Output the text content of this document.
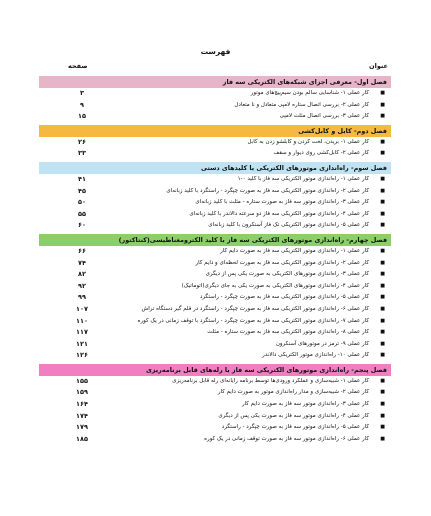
فهرست
عنوان
صفحه
فصل اول- معرفی اجزای شبکه‌های الکتریکی سه فاز
■
کار عملی ۱- شناسایی سالم بودن سیم‌پیچ‌های موتور
۳
■
کار عملی ۲- بررسی اتصال ستاره لامپی متعادل و نا متعادل
۹
■
کار عملی ۳- بررسی اتصال مثلث لامپی
۱۵
فصل دوم- کابل و کابل‌کشی
■
کار عملی ۱- بریدن، لخت کردن و کابلشو زدن به کابل
۲۶
■
کار عملی ۲- کابل‌کشی روی دیوار و سقف
۳۳
فصل سوم- راه‌اندازی موتورهای الکتریکی با کلیدهای دستی
■
کار عملی ۱- راه‌اندازی موتور الکتریکی سه فاز با کلید ۰-۱
۴۱
■
کار عملی ۲- راه‌اندازی موتور الکتریکی سه فاز به صورت چپگرد - راستگرد با کلید زبانه‌ای
۴۵
■
کار عملی ۳- راه‌اندازی موتور سه فاز به صورت ستاره - مثلث با کلید زبانه‌ای
۵۰
■
کار عملی ۴- راه‌اندازی موتور الکتریکی سه فاز دو سرعته دالاندر با کلید زبانه‌ای
۵۵
■
کار عملی ۵- راه‌اندازی موتور الکتریکی تک فاز آسنکرون با کلید زبانه‌ای
۶۰
فصل چهارم- راه‌اندازی موتورهای الکتریکی سه فاز با کلید الکترومغناطیسی(کنتاکتور)
■
کار عملی ۱- راه‌اندازی موتور الکتریکی سه فاز به صورت دایم کار
۶۶
■
کار عملی ۲- راه‌اندازی موتور الکتریکی سه فاز به صورت لحظه‌ای و دایم کار
۷۴
■
کار عملی ۳- راه‌اندازی موتورهای الکتریکی به صورت یکی پس از دیگری
۸۲
■
کار عملی ۴- راه‌اندازی موتورهای الکتریکی به صورت یکی به جای دیگری(اتوماتیک)
۹۲
■
کار عملی ۵- راه‌اندازی موتور الکتریکی سه فاز به صورت چپگرد - راستگرد
۹۹
■
کار عملی ۶- راه‌اندازی موتور الکتریکی سه فاز به صورت چپگرد - راستگرد در قلم گیر دستگاه تراش
۱۰۷
■
کار عملی ۷- راه‌اندازی موتور الکتریکی سه فاز به صورت چپگرد - راستگرد با توقف زمانی در یک کوره
۱۱۰
■
کار عملی ۸- راه‌اندازی موتور الکتریکی سه فاز به صورت ستاره - مثلث
۱۱۷
■
کار عملی ۹- ترمز در موتورهای آسنکرون
۱۲۱
■
کار عملی ۱۰- راه‌اندازی موتور الکتریکی دالاندر
۱۲۶
فصل پنجم- راه‌اندازی موتورهای الکتریکی سه فاز با رله‌های قابل برنامه‌ریزی
■
کار عملی ۱- شبیه‌سازی و عملکرد ورودی‌ها توسط برنامه رایانه‌ای رله قابل برنامه‌ریزی
۱۵۵
■
کار عملی ۲- شبیه‌سازی و مدار راه‌اندازی موتور به صورت دایم کار
۱۵۹
■
کار عملی ۳- راه‌اندازی موتور سه فاز به صورت دایم کار
۱۶۴
■
کار عملی ۴- راه‌اندازی موتور سه فاز به صورت یکی پس از دیگری
۱۷۴
■
کار عملی ۵- راه‌اندازی موتور سه فاز به صورت چپگرد - راستگرد
۱۷۹
■
کار عملی ۶- راه‌اندازی موتور سه فاز به صورت توقف زمانی در یک کوره
۱۸۵
